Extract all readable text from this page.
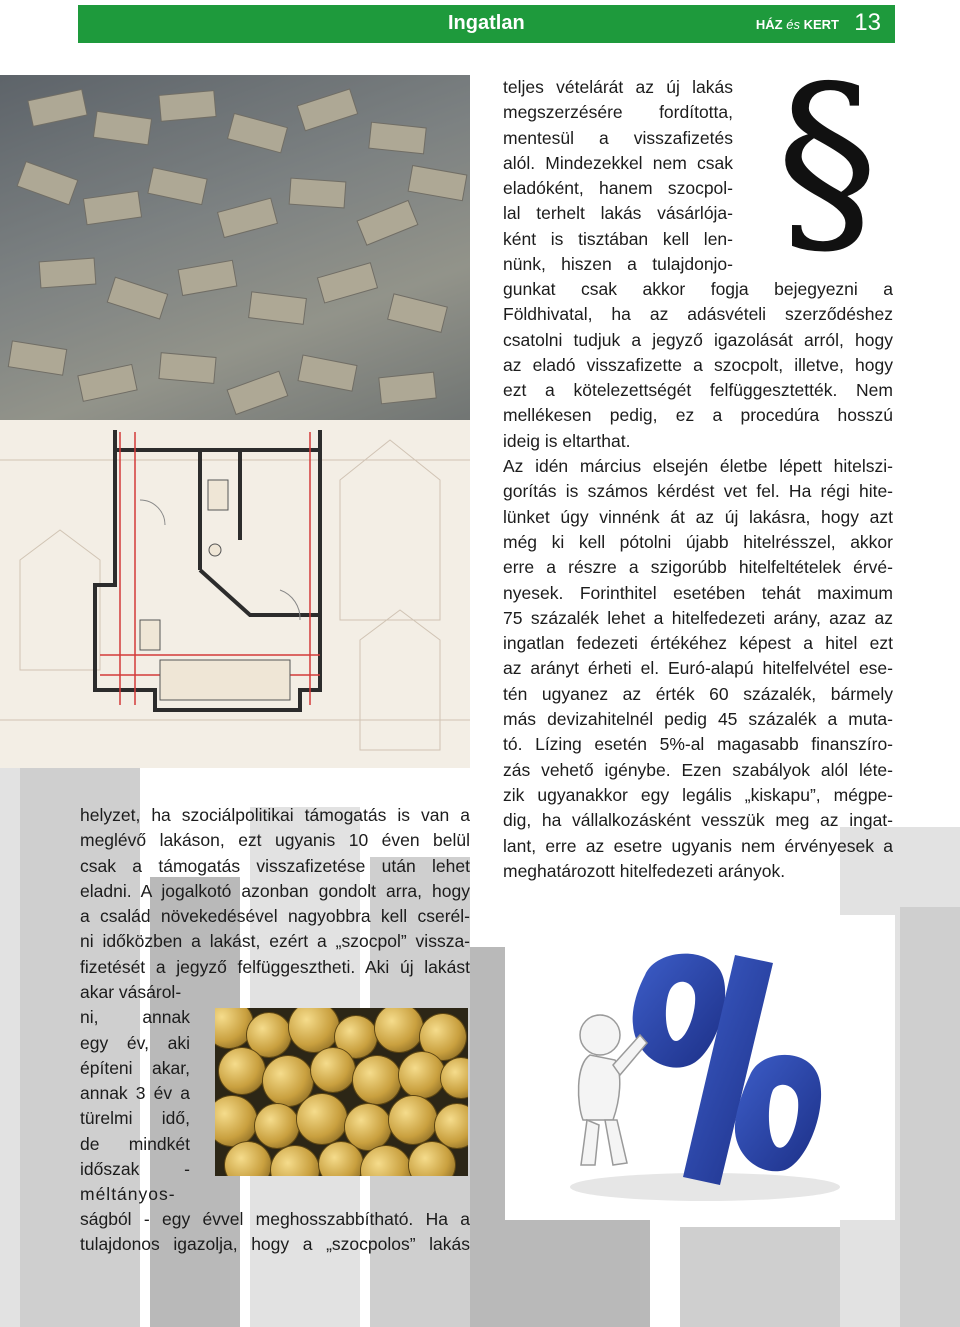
Ingatlan	HÁZ és KERT 13
§
teljes vételárát az új lakás
megszerzésére fordította,
mentesül a visszafizetés
alól. Mindezekkel nem csak
eladóként, hanem szocpol-
lal terhelt lakás vásárlója-
ként is tisztában kell len-
nünk, hiszen a tulajdonjo-
gunkat csak akkor fogja bejegyezni a
Földhivatal, ha az adásvételi szerződéshez
csatolni tudjuk a jegyző igazolását arról, hogy
az eladó visszafizette a szocpolt, illetve, hogy
ezt a kötelezettségét felfüggesztették. Nem
mellékesen pedig, ez a procedúra hosszú
ideig is eltarthat.
Az idén március elsején életbe lépett hitelszi-
gorítás is számos kérdést vet fel. Ha régi hite-
lünket úgy vinnénk át az új lakásra, hogy azt
még ki kell pótolni újabb hitelrésszel, akkor
erre a részre a szigorúbb hitelfeltételek érvé-
nyesek. Forinthitel esetében tehát maximum
75 százalék lehet a hitelfedezeti arány, azaz az
ingatlan fedezeti értékéhez képest a hitel ezt
az arányt érheti el. Euró-alapú hitelfelvétel ese-
tén ugyanez az érték 60 százalék, bármely
más devizahitelnél pedig 45 százalék a muta-
tó. Lízing esetén 5%-al magasabb finanszíro-
zás vehető igénybe. Ezen szabályok alól léte-
zik ugyanakkor egy legális „kiskapu”, mégpe-
dig, ha vállalkozásként vesszük meg az ingat-
lant, erre az esetre ugyanis nem érvényesek a
meghatározott hitelfedezeti arányok.
helyzet, ha szociálpolitikai támogatás is van a
meglévő lakáson, ezt ugyanis 10 éven belül
csak a támogatás visszafizetése után lehet
eladni. A jogalkotó azonban gondolt arra, hogy
a család növekedésével nagyobbra kell cserél-
ni időközben a lakást, ezért a „szocpol” vissza-
fizetését a jegyző felfüggesztheti. Aki új lakást
akar vásárol-
ni, annak
egy év, aki
építeni akar,
annak 3 év a
türelmi idő,
de mindkét
időszak -
méltányos-
ságból - egy évvel meghosszabbítható. Ha a
tulajdonos igazolja, hogy a „szocpolos” lakás
